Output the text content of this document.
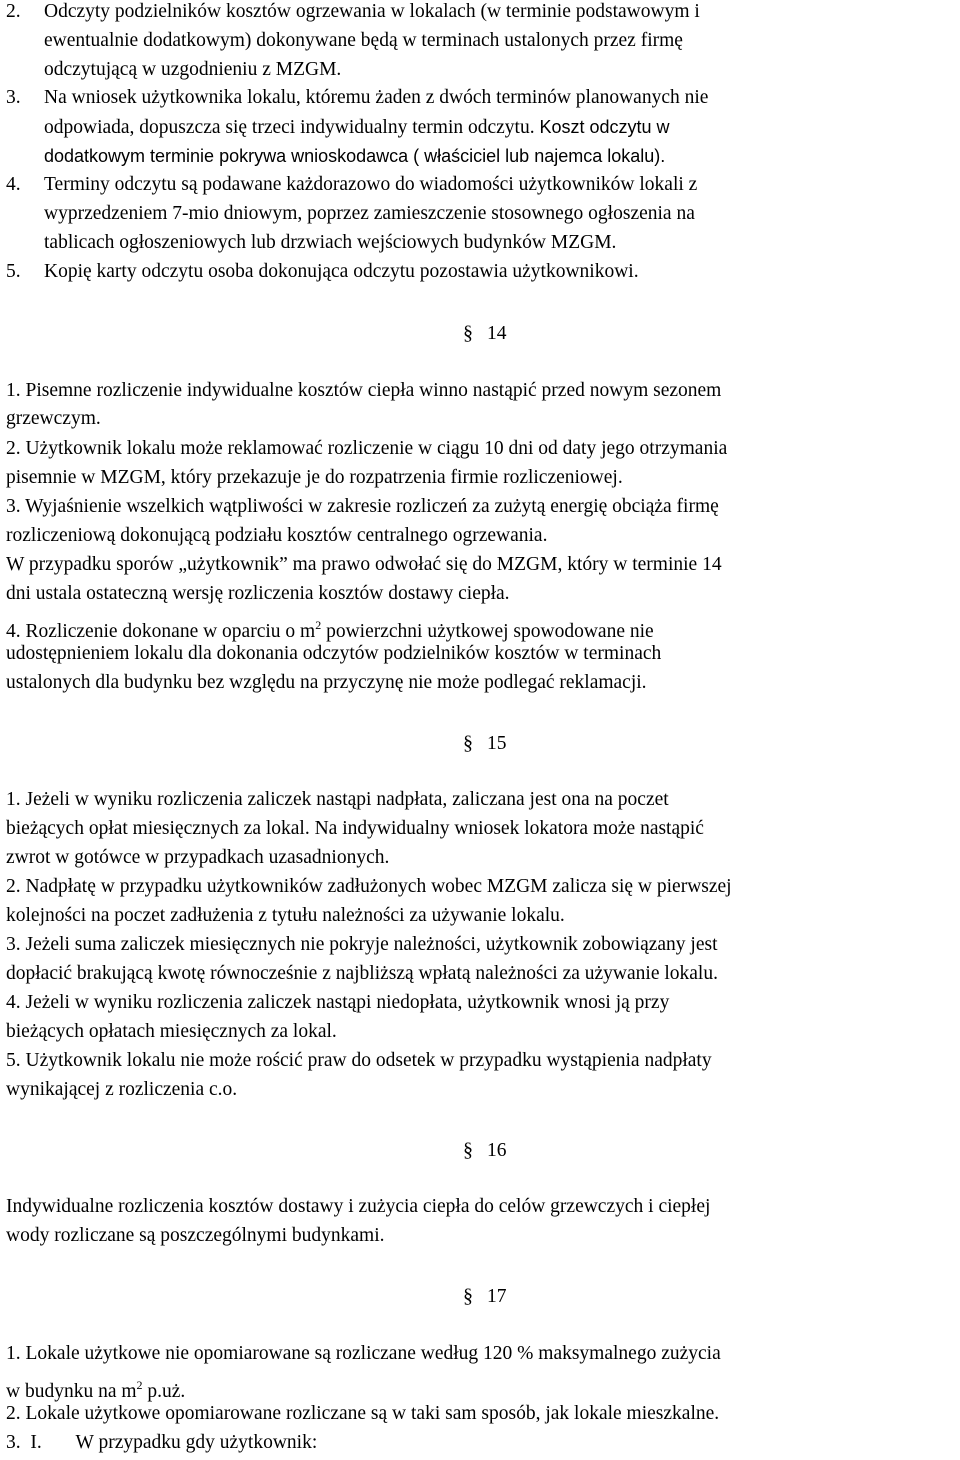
2. Odczyty podzielników kosztów ogrzewania w lokalach (w terminie podstawowym i
ewentualnie dodatkowym) dokonywane będą w terminach ustalonych przez firmę
odczytującą w uzgodnieniu z MZGM.
3. Na wniosek użytkownika lokalu, któremu żaden z dwóch terminów planowanych nie
odpowiada, dopuszcza się trzeci indywidualny termin odczytu. Koszt odczytu w
dodatkowym terminie pokrywa wnioskodawca ( właściciel lub najemca lokalu).
4. Terminy odczytu są podawane każdorazowo do wiadomości użytkowników lokali z
wyprzedzeniem 7-mio dniowym, poprzez zamieszczenie stosownego ogłoszenia na
tablicach ogłoszeniowych lub drzwiach wejściowych budynków MZGM.
5. Kopię karty odczytu osoba dokonująca odczytu pozostawia użytkownikowi.
§ 14
1. Pisemne rozliczenie indywidualne kosztów ciepła winno nastąpić przed nowym sezonem
grzewczym.
2. Użytkownik lokalu może reklamować rozliczenie w ciągu 10 dni od daty jego otrzymania
pisemnie w MZGM, który przekazuje je do rozpatrzenia firmie rozliczeniowej.
3. Wyjaśnienie wszelkich wątpliwości w zakresie rozliczeń za zużytą energię obciąża firmę
rozliczeniową dokonującą podziału kosztów centralnego ogrzewania.
W przypadku sporów „użytkownik” ma prawo odwołać się do MZGM, który w terminie 14
dni ustala ostateczną wersję rozliczenia kosztów dostawy ciepła.
4. Rozliczenie dokonane w oparciu o $m^2$ powierzchni użytkowej spowodowane nie
udostępnieniem lokalu dla dokonania odczytów podzielników kosztów w terminach
ustalonych dla budynku bez względu na przyczynę nie może podlegać reklamacji.
§ 15
1. Jeżeli w wyniku rozliczenia zaliczek nastąpi nadpłata, zaliczana jest ona na poczet
bieżących opłat miesięcznych za lokal. Na indywidualny wniosek lokatora może nastąpić
zwrot w gotówce w przypadkach uzasadnionych.
2. Nadpłatę w przypadku użytkowników zadłużonych wobec MZGM zalicza się w pierwszej
kolejności na poczet zadłużenia z tytułu należności za używanie lokalu.
3. Jeżeli suma zaliczek miesięcznych nie pokryje należności, użytkownik zobowiązany jest
dopłacić brakującą kwotę równocześnie z najbliższą wpłatą należności za używanie lokalu.
4. Jeżeli w wyniku rozliczenia zaliczek nastąpi niedopłata, użytkownik wnosi ją przy
bieżących opłatach miesięcznych za lokal.
5. Użytkownik lokalu nie może rościć praw do odsetek w przypadku wystąpienia nadpłaty
wynikającej z rozliczenia c.o.
§ 16
Indywidualne rozliczenia kosztów dostawy i zużycia ciepła do celów grzewczych i ciepłej
wody rozliczane są poszczególnymi budynkami.
§ 17
1. Lokale użytkowe nie opomiarowane są rozliczane według 120 % maksymalnego zużycia
w budynku na $m^2$ p.uż.
2. Lokale użytkowe opomiarowane rozliczane są w taki sam sposób, jak lokale mieszkalne.
3.  I.       W przypadku gdy użytkownik:
